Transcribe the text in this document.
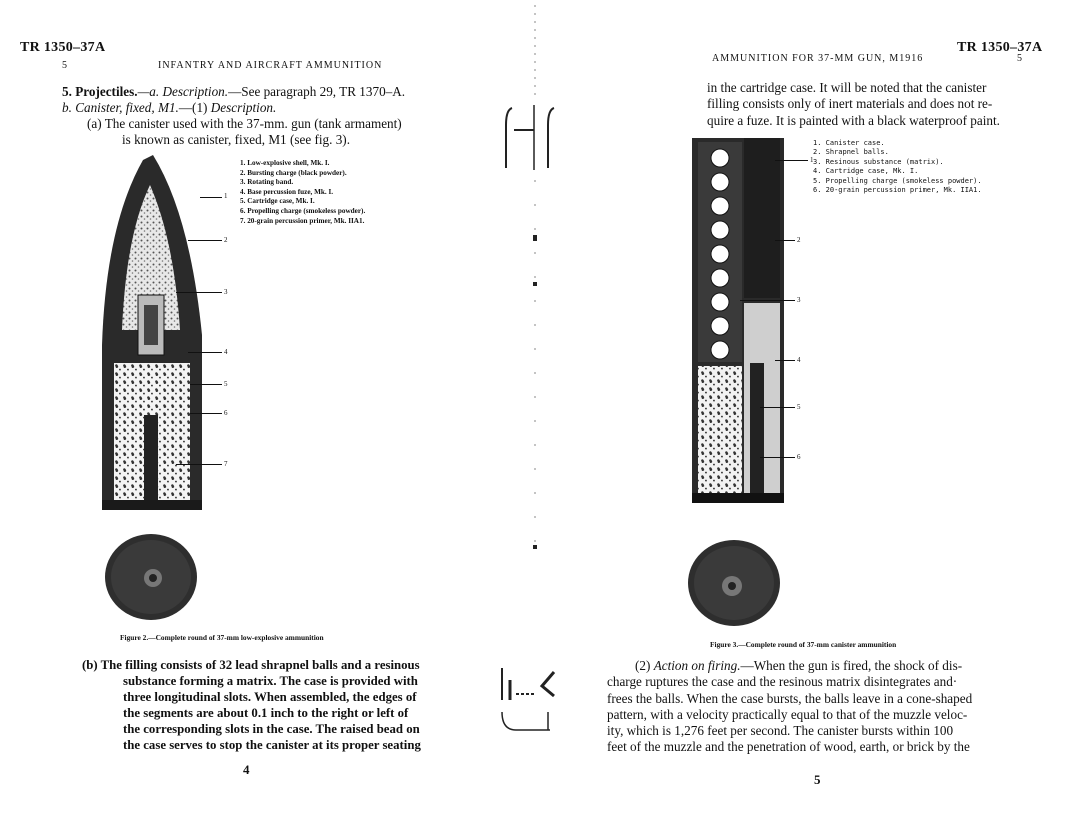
TR 1350–37A
5	INFANTRY AND AIRCRAFT AMMUNITION
5. Projectiles.—a. Description.—See paragraph 29, TR 1370–A.
b. Canister, fixed, M1.—(1) Description.
(a) The canister used with the 37-mm. gun (tank armament)
is known as canister, fixed, M1 (see fig. 3).
1
2
3
4
5
6
7
1. Low-explosive shell, Mk. I.
2. Bursting charge (black powder).
3. Rotating band.
4. Base percussion fuze, Mk. I.
5. Cartridge case, Mk. I.
6. Propelling charge (smokeless powder).
7. 20-grain percussion primer, Mk. IIA1.
Figure 2.—Complete round of 37-mm low-explosive ammunition
(b) The filling consists of 32 lead shrapnel balls and a resinous
substance forming a matrix. The case is provided with
three longitudinal slots. When assembled, the edges of
the segments are about 0.1 inch to the right or left of
the corresponding slots in the case. The raised bead on
the case serves to stop the canister at its proper seating
4
TR 1350–37A
AMMUNITION FOR 37-MM GUN, M1916	5
in the cartridge case. It will be noted that the canister
filling consists only of inert materials and does not re-
quire a fuze. It is painted with a black waterproof paint.
1
2
3
4
5
6
1. Canister case.
2. Shrapnel balls.
3. Resinous substance (matrix).
4. Cartridge case, Mk. I.
5. Propelling charge (smokeless powder).
6. 20-grain percussion primer, Mk. IIA1.
Figure 3.—Complete round of 37-mm canister ammunition
(2) Action on firing.—When the gun is fired, the shock of dis-
charge ruptures the case and the resinous matrix disintegrates and·
frees the balls. When the case bursts, the balls leave in a cone-shaped
pattern, with a velocity practically equal to that of the muzzle veloc-
ity, which is 1,276 feet per second. The canister bursts within 100
feet of the muzzle and the penetration of wood, earth, or brick by the
5
